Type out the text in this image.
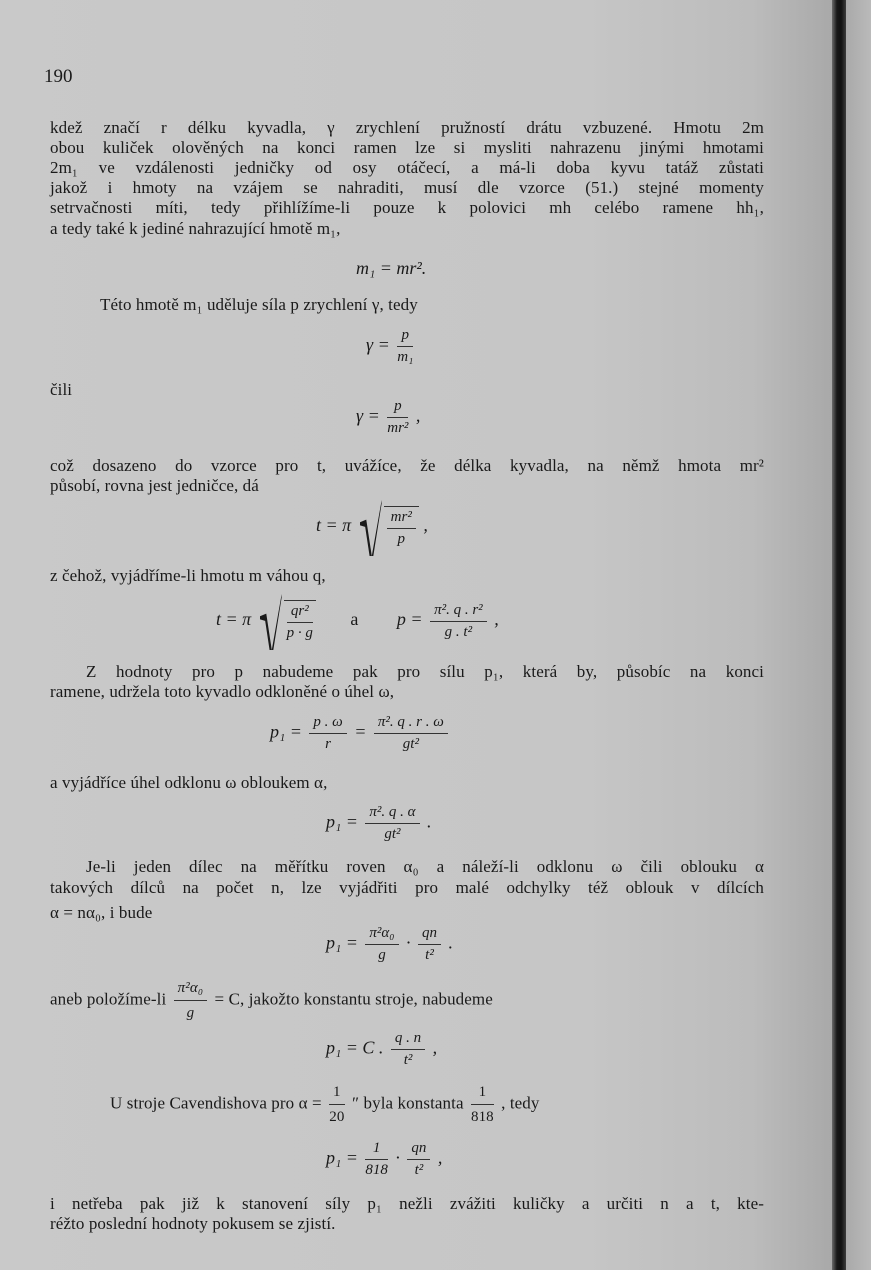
190
kdež značí r délku kyvadla, γ zrychlení pružností drátu vzbuzené. Hmotu 2m
obou kuliček olověných na konci ramen lze si mysliti nahrazenu jinými hmotami
2m₁ ve vzdálenosti jedničky od osy otáčecí, a má-li doba kyvu tatáž zůstati
jakož i hmoty na vzájem se nahraditi, musí dle vzorce (51.) stejné momenty
setrvačnosti míti, tedy přihlížíme-li pouze k polovici mh celébo ramene hh₁,
a tedy také k jediné nahrazující hmotě m₁,
m₁ = mr².
Této hmotě m₁ uděluje síla p zrychlení γ, tedy
$\gamma = \frac{p}{\text{m₁}}$
čili
$\gamma = \frac{p}{\text{mr²}}$ ,
což dosazeno do vzorce pro t, uvážíce, že délka kyvadla, na němž hmota mr²
působí, rovna jest jedničce, dá
t = π $\frac{\text{mr²}}{p}$ ,
z čehož, vyjádříme-li hmotu m váhou q,
t = π $\frac{\text{qr²}}{p \cdot g}$ a $p = \frac{\text{π². q . r²}}{\text{g . t²}}$ ,
Z hodnoty pro p nabudeme pak pro sílu p₁, která by, působíc na konci
ramene, udržela toto kyvadlo odkloněné o úhel ω,
$p_1 = \frac{p . \omega}{r} = \frac{\text{π². q . r . ω}}{\text{gt²}}$
a vyjádříce úhel odklonu ω obloukem α,
$p_1 = \frac{\text{π². q . α}}{\text{gt²}}$ .
Je-li jeden dílec na měřítku roven α₀ a náleží-li odklonu ω čili oblouku α
takových dílců na počet n, lze vyjádřiti pro malé odchylky též oblouk v dílcích
α = nα₀, i bude
$p_1 = \frac{\text{π²α₀}}{g} \cdot \frac{qn}{\text{t²}}$ .
aneb položíme-li $\frac{\text{π²α₀}}{g} = C$, jakožto konstantu stroje, nabudeme
p₁ = C . $\frac{q . n}{\text{t²}}$ ,
U stroje Cavendishova pro $\alpha = \frac{1}{20}$ ″ byla konstanta $\frac{1}{818}$ , tedy
$p_1 = \frac{1}{818} \cdot \frac{qn}{\text{t²}}$ ,
i netřeba pak již k stanovení síly p₁ nežli zvážiti kuličky a určiti n a t, kte-
réžto poslední hodnoty pokusem se zjistí.
